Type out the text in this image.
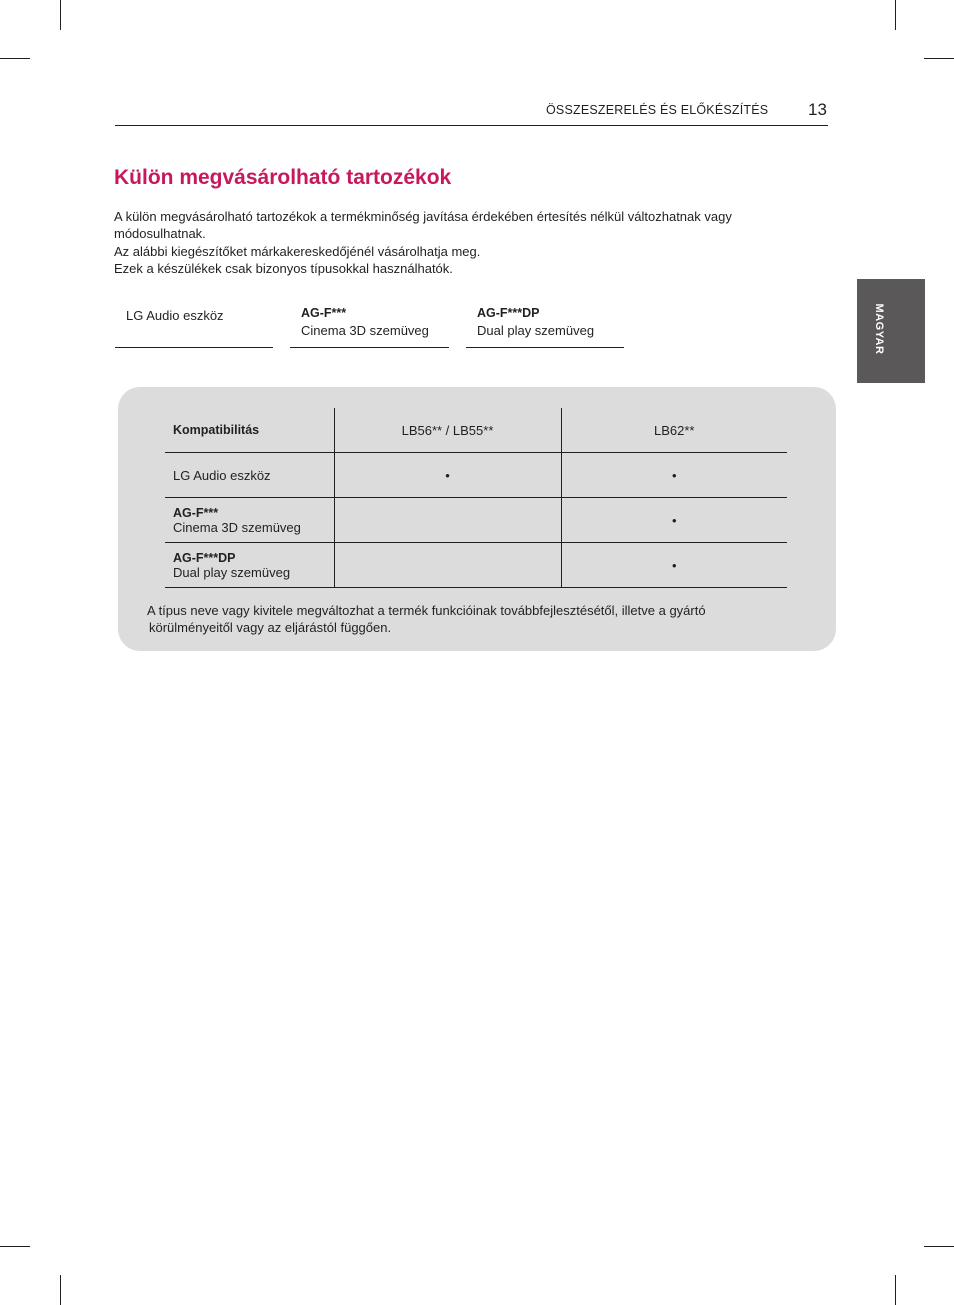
ÖSSZESZERELÉS ÉS ELŐKÉSZÍTÉS 13
MAGYAR
Külön megvásárolható tartozékok
A külön megvásárolható tartozékok a termékminőség javítása érdekében értesítés nélkül változhatnak vagy
módosulhatnak.
Az alábbi kiegészítőket márkakereskedőjénél vásárolhatja meg.
Ezek a készülékek csak bizonyos típusokkal használhatók.
LG Audio eszköz	AG-F***
Cinema 3D szemüveg
AG-F***DP
Dual play szemüveg
Kompatibilitás	LB56** / LB55**	LB62**

LG Audio eszköz	•	•

AG-F***
Cinema 3D szemüveg		•

AG-F***DP
Dual play szemüveg		•
A típus neve vagy kivitele megváltozhat a termék funkcióinak továbbfejlesztésétől, illetve a gyártó
körülményeitől vagy az eljárástól függően.
